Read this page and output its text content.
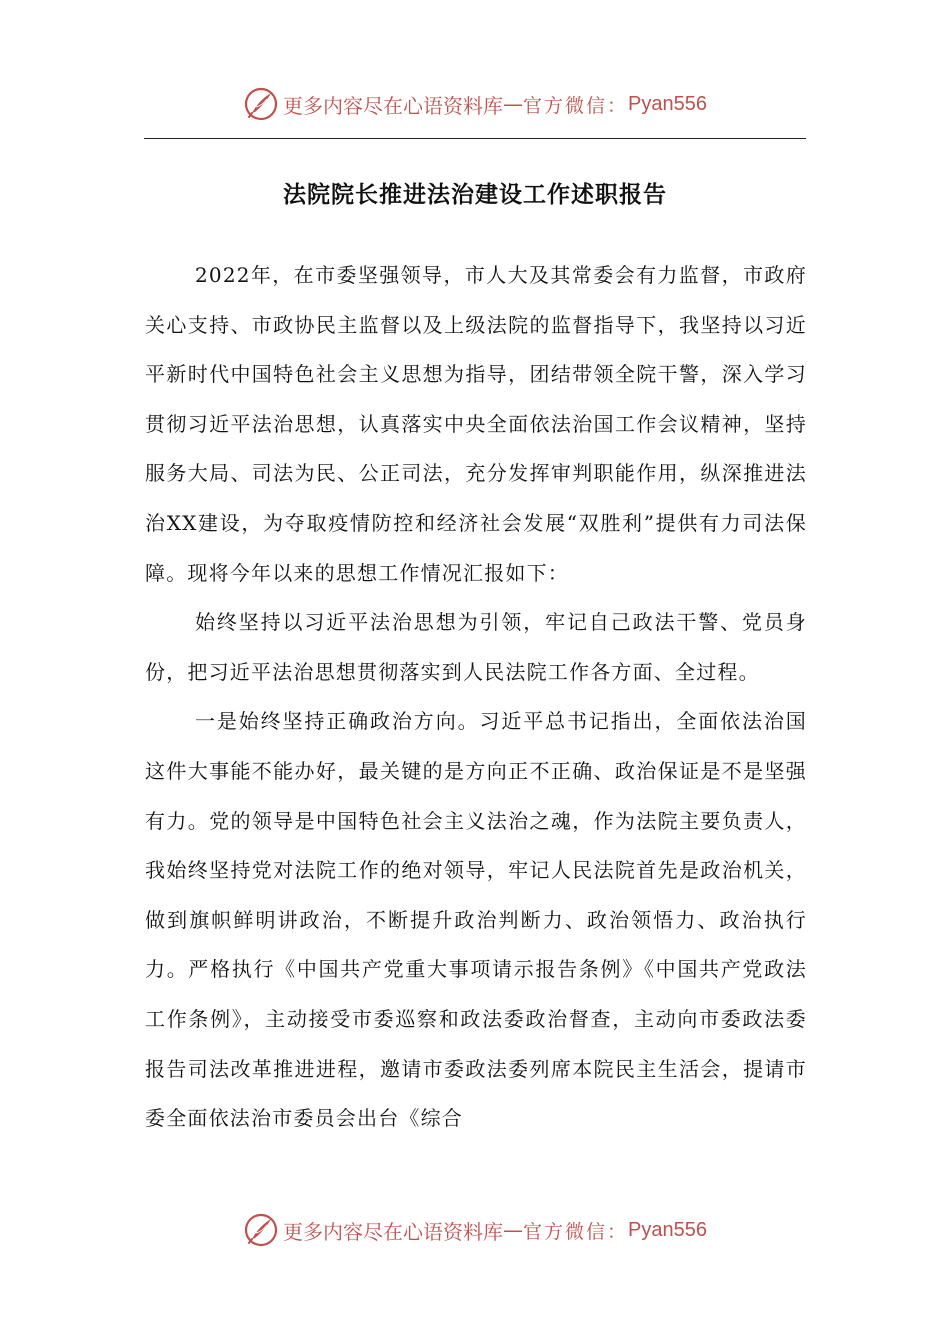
更多内容尽在心语资料库 — 官方微信： Pyan556
法院院长推进法治建设工作述职报告

2022年，在市委坚强领导，市人大及其常委会有力监督，市政府关心支持、市政协民主监督以及上级法院的监督指导下，我坚持以习近平新时代中国特色社会主义思想为指导，团结带领全院干警，深入学习贯彻习近平法治思想，认真落实中央全面依法治国工作会议精神，坚持服务大局、司法为民、公正司法，充分发挥审判职能作用，纵深推进法治XX建设，为夺取疫情防控和经济社会发展“双胜利”提供有力司法保障。现将今年以来的思想工作情况汇报如下：

始终坚持以习近平法治思想为引领，牢记自己政法干警、党员身份，把习近平法治思想贯彻落实到人民法院工作各方面、全过程。

一是始终坚持正确政治方向。习近平总书记指出，全面依法治国这件大事能不能办好，最关键的是方向正不正确、政治保证是不是坚强有力。党的领导是中国特色社会主义法治之魂，作为法院主要负责人，我始终坚持党对法院工作的绝对领导，牢记人民法院首先是政治机关，做到旗帜鲜明讲政治，不断提升政治判断力、政治领悟力、政治执行力。严格执行《中国共产党重大事项请示报告条例》《中国共产党政法工作条例》，主动接受市委巡察和政法委政治督查，主动向市委政法委报告司法改革推进进程，邀请市委政法委列席本院民主生活会，提请市委全面依法治市委员会出台《综合

更多内容尽在心语资料库 — 官方微信： Pyan556
